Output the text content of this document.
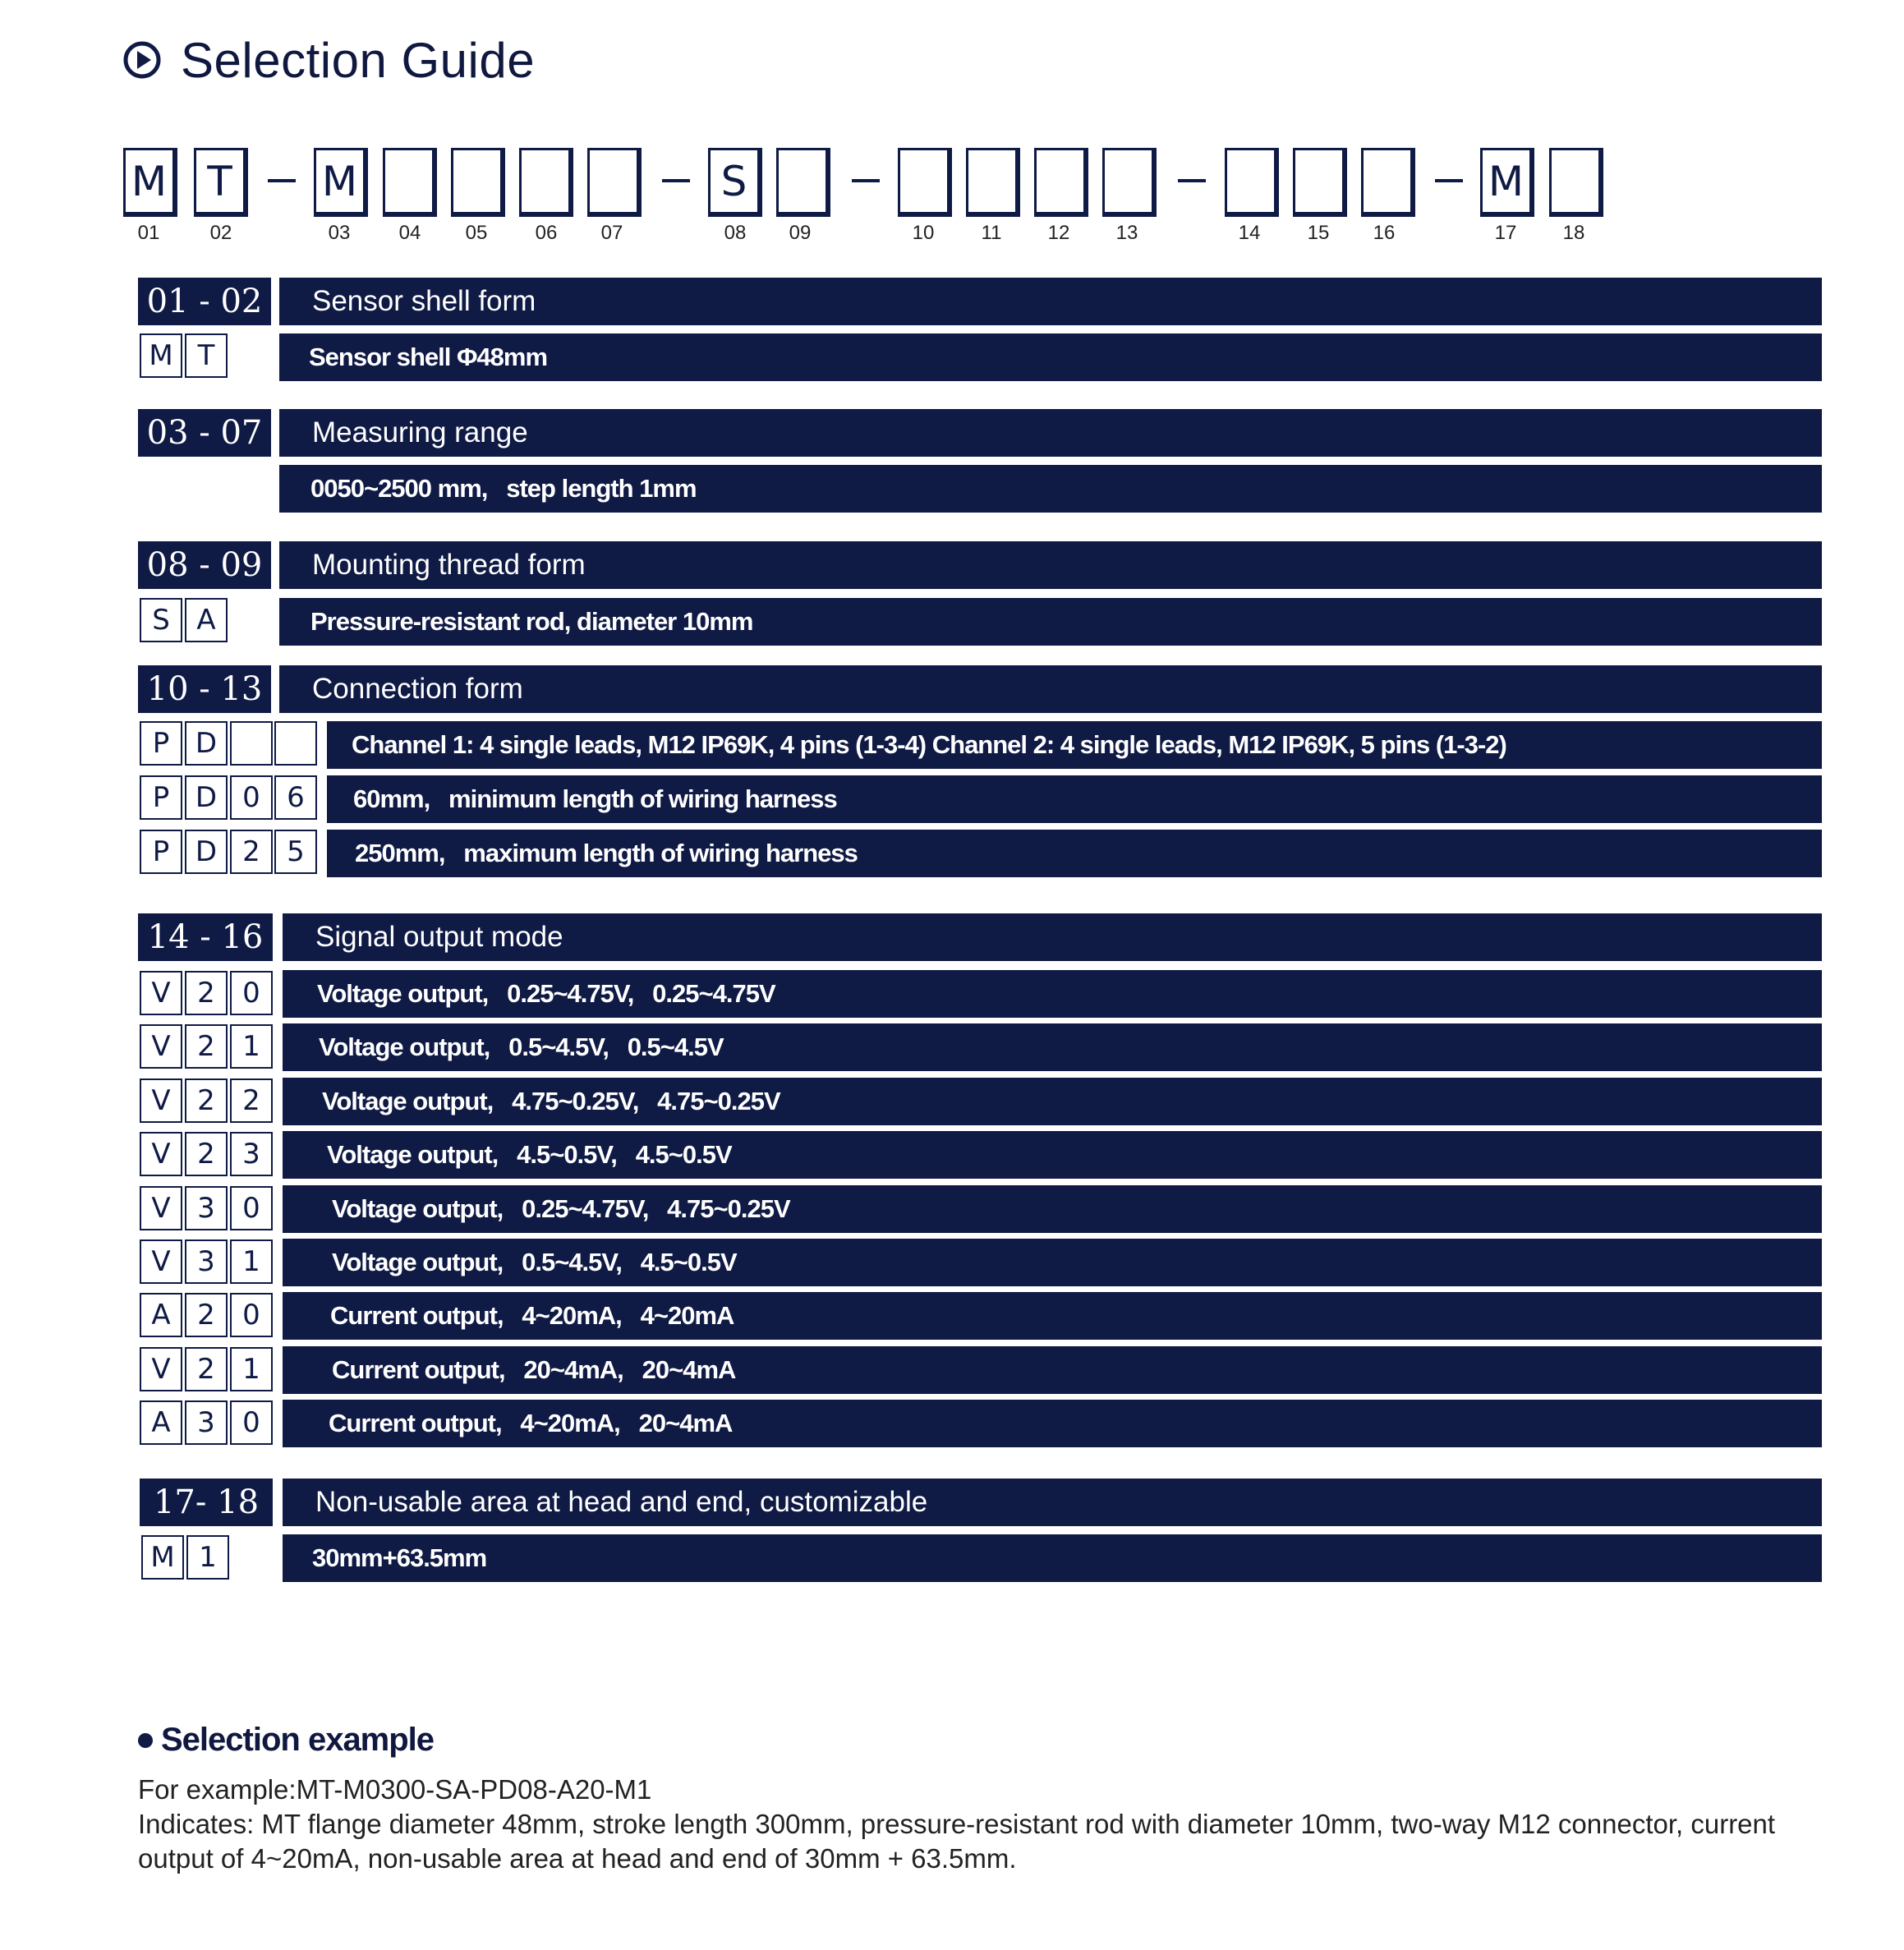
Selection Guide
M T	M	S	M
01	02	03	04	05	06	07	08	09	10	11	12	13	14	15	16	17	18
01 - 02	Sensor shell form
M T	Sensor shell Φ48mm
03 - 07	Measuring range
0050~2500 mm,   step length 1mm
08 - 09	Mounting thread form
S A	Pressure-resistant rod, diameter 10mm
10 - 13	Connection form
P D	Channel 1: 4 single leads, M12 IP69K, 4 pins (1-3-4) Channel 2: 4 single leads, M12 IP69K, 5 pins (1-3-2)
P D 0 6	60mm,   minimum length of wiring harness
P D 2 5	250mm,   maximum length of wiring harness
14 - 16	Signal output mode
V 2 0	Voltage output,   0.25~4.75V,   0.25~4.75V
V 2 1	Voltage output,   0.5~4.5V,   0.5~4.5V
V 2 2	Voltage output,   4.75~0.25V,   4.75~0.25V
V 2 3	Voltage output,   4.5~0.5V,   4.5~0.5V
V 3 0	Voltage output,   0.25~4.75V,   4.75~0.25V
V 3 1	Voltage output,   0.5~4.5V,   4.5~0.5V
A 2 0	Current output,   4~20mA,   4~20mA
V 2 1	Current output,   20~4mA,   20~4mA
A 3 0	Current output,   4~20mA,   20~4mA
17- 18	Non-usable area at head and end, customizable
M 1	30mm+63.5mm
Selection example
For example:MT-M0300-SA-PD08-A20-M1
Indicates: MT flange diameter 48mm, stroke length 300mm, pressure-resistant rod with diameter 10mm, two-way M12 connector, current
output of 4~20mA, non-usable area at head and end of 30mm + 63.5mm.
